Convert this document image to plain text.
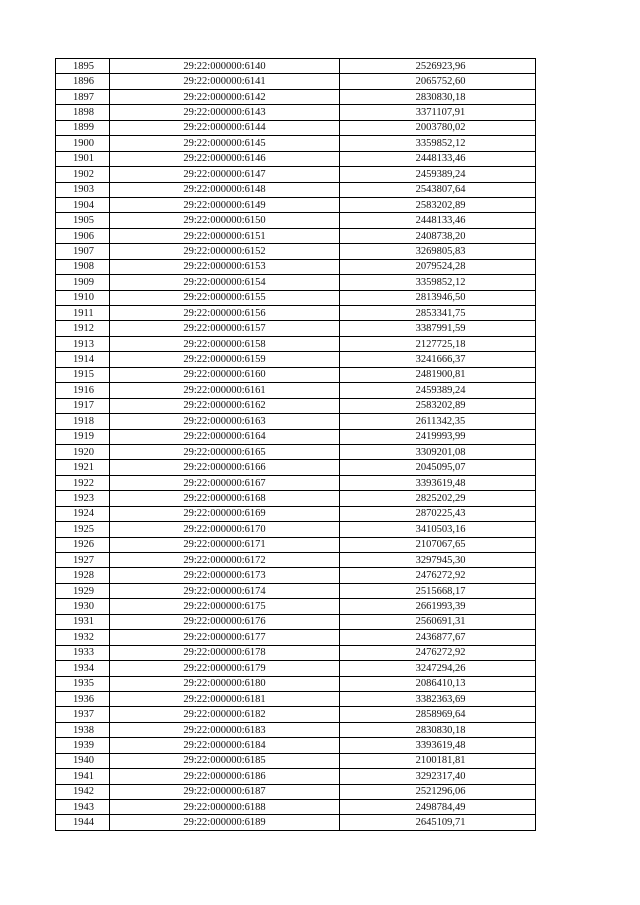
1895	29:22:000000:6140	2526923,96
1896	29:22:000000:6141	2065752,60
1897	29:22:000000:6142	2830830,18
1898	29:22:000000:6143	3371107,91
1899	29:22:000000:6144	2003780,02
1900	29:22:000000:6145	3359852,12
1901	29:22:000000:6146	2448133,46
1902	29:22:000000:6147	2459389,24
1903	29:22:000000:6148	2543807,64
1904	29:22:000000:6149	2583202,89
1905	29:22:000000:6150	2448133,46
1906	29:22:000000:6151	2408738,20
1907	29:22:000000:6152	3269805,83
1908	29:22:000000:6153	2079524,28
1909	29:22:000000:6154	3359852,12
1910	29:22:000000:6155	2813946,50
1911	29:22:000000:6156	2853341,75
1912	29:22:000000:6157	3387991,59
1913	29:22:000000:6158	2127725,18
1914	29:22:000000:6159	3241666,37
1915	29:22:000000:6160	2481900,81
1916	29:22:000000:6161	2459389,24
1917	29:22:000000:6162	2583202,89
1918	29:22:000000:6163	2611342,35
1919	29:22:000000:6164	2419993,99
1920	29:22:000000:6165	3309201,08
1921	29:22:000000:6166	2045095,07
1922	29:22:000000:6167	3393619,48
1923	29:22:000000:6168	2825202,29
1924	29:22:000000:6169	2870225,43
1925	29:22:000000:6170	3410503,16
1926	29:22:000000:6171	2107067,65
1927	29:22:000000:6172	3297945,30
1928	29:22:000000:6173	2476272,92
1929	29:22:000000:6174	2515668,17
1930	29:22:000000:6175	2661993,39
1931	29:22:000000:6176	2560691,31
1932	29:22:000000:6177	2436877,67
1933	29:22:000000:6178	2476272,92
1934	29:22:000000:6179	3247294,26
1935	29:22:000000:6180	2086410,13
1936	29:22:000000:6181	3382363,69
1937	29:22:000000:6182	2858969,64
1938	29:22:000000:6183	2830830,18
1939	29:22:000000:6184	3393619,48
1940	29:22:000000:6185	2100181,81
1941	29:22:000000:6186	3292317,40
1942	29:22:000000:6187	2521296,06
1943	29:22:000000:6188	2498784,49
1944	29:22:000000:6189	2645109,71
